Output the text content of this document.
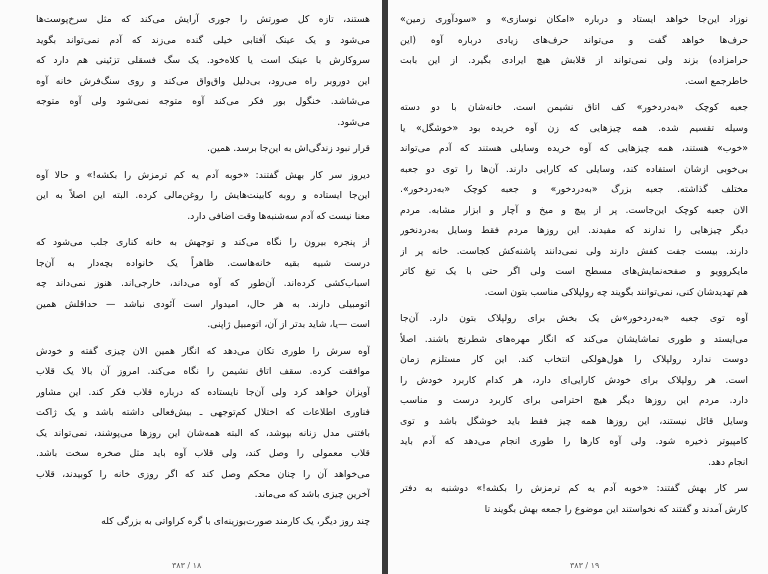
هستند، تازه کل صورتش را جوری آرایش می‌کند که مثل سرخ‌پوست‌ها
می‌شود و یک عینک آفتابی خیلی گنده می‌زند که آدم نمی‌تواند بگوید
سروکارش با عینک است یا کلاه‌خود. یک سگ فسقلی تزئینی هم دارد که
این دوروبر راه می‌رود، بی‌دلیل واق‌واق می‌کند و روی سنگ‌فرش خانه آوه
می‌شاشد. خنگول بور فکر می‌کند آوه متوجه نمی‌شود ولی آوه متوجه
می‌شود.
قرار نبود زندگی‌اش به این‌جا برسد. همین.
دیروز سر کار بهش گفتند: «خوبه آدم یه کم ترمزش را بکشه!» و حالا آوه
این‌جا ایستاده و روبه کابینت‌هایش را روغن‌مالی کرده. البته این اصلاً به این
معنا نیست که آدم سه‌شنبه‌ها وقت اضافی دارد.
از پنجره بیرون را نگاه می‌کند و توجهش به خانه کناری جلب می‌شود که
درست شبیه بقیه خانه‌هاست. ظاهراً یک خانواده بچه‌دار به آن‌جا
اسباب‌کشی کرده‌اند. آن‌طور که آوه می‌داند، خارجی‌اند. هنوز نمی‌داند چه
اتومبیلی دارند. به هر حال، امیدوار است آئودی نباشد — حداقلش همین
است —یا، شاید بدتر از آن، اتومبیل ژاپنی.
آوه سرش را طوری تکان می‌دهد که انگار همین الان چیزی گفته و خودش
موافقت کرده. سقف اتاق نشیمن را نگاه می‌کند. امروز آن بالا یک قلاب
آویزان خواهد کرد ولی آن‌جا نایستاده که درباره قلاب فکر کند. این مشاور
فناوری اطلاعات که اختلال کم‌توجهی ـ بیش‌فعالی داشته باشد و یک ژاکت
بافتنی مدل زنانه بپوشد، که البته همه‌شان این روزها می‌پوشند، نمی‌تواند یک
قلاب معمولی را وصل کند، ولی قلاب آوه باید مثل صخره سخت باشد.
می‌خواهد آن را چنان محکم وصل کند که اگر روزی خانه را کوبیدند، قلاب
آخرین چیزی باشد که می‌ماند.
چند روز دیگر، یک کارمند صورت‌بوزینه‌ای با گره کراواتی به بزرگی کله
۳۸۳ / ۱۸
نوزاد این‌جا خواهد ایستاد و درباره «امکان نوسازی» و «سودآوری زمین»
حرف‌ها خواهد گفت و می‌تواند حرف‌های زیادی درباره آوه (این
حرامزاده) بزند ولی نمی‌تواند از قلابش هیچ ایرادی بگیرد. از این بابت
خاطرجمع است.
جعبه کوچک «به‌دردخور» کف اتاق نشیمن است. خانه‌شان با دو دسته
وسیله تقسیم شده. همه چیزهایی که زن آوه خریده بود «خوشگل» یا
«خوب» هستند، همه چیزهایی که آوه خریده وسایلی هستند که آدم می‌تواند
بی‌خوبی ازشان استفاده کند، وسایلی که کارایی دارند. آن‌ها را توی دو جعبه
مختلف گذاشته. جعبه بزرگ «به‌دردخور» و جعبه کوچک «به‌دردخور».
الان جعبه کوچک این‌جاست. پر از پیچ و میخ و آچار و ابزار مشابه. مردم
دیگر چیزهایی را ندارند که مفیدند. این روزها مردم فقط وسایل به‌دردنخور
دارند. بیست جفت کفش دارند ولی نمی‌دانند پاشنه‌کش کجاست. خانه پر از
مایکروویو و صفحه‌نمایش‌های مسطح است ولی اگر حتی با یک تیغ کاتر
هم تهدیدشان کنی، نمی‌توانند بگویند چه رولپلاکی مناسب بتون است.
آوه توی جعبه «به‌دردخور»ش یک بخش برای رولپلاک بتون دارد. آن‌جا
می‌ایستد و طوری تماشایشان می‌کند که انگار مهره‌های شطرنج باشند. اصلاً
دوست ندارد رولپلاک را هول‌هولکی انتخاب کند. این کار مستلزم زمان
است. هر رولپلاک برای خودش کارایی‌ای دارد، هر کدام کاربرد خودش را
دارد. مردم این روزها دیگر هیچ احترامی برای کاربرد درست و مناسب
وسایل قائل نیستند، این روزها همه چیز فقط باید خوشگل باشد و توی
کامپیوتر ذخیره شود. ولی آوه کارها را طوری انجام می‌دهد که آدم باید
انجام دهد.
سر کار بهش گفتند: «خوبه آدم یه کم ترمزش را بکشه!» دوشنبه به دفتر
کارش آمدند و گفتند که نخواستند این موضوع را جمعه بهش بگویند تا
۳۸۳ / ۱۹
